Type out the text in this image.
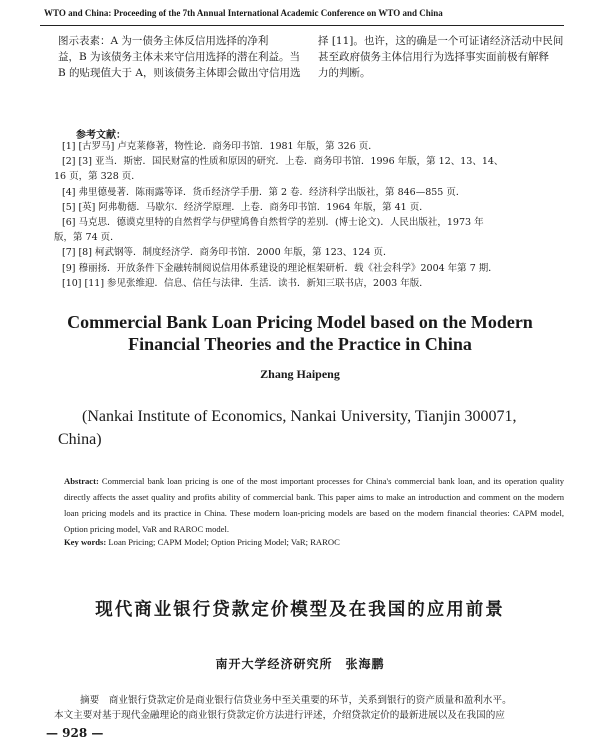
WTO and China: Proceeding of the 7th Annual International Academic Conference on WTO and China
图示表素：A 为一债务主体反信用选择的净利
益，B 为该债务主体未来守信用选择的潜在利益。当
B 的贴现值大于 A，则该债务主体即会做出守信用选
择 [11]。也许，这的确是一个可证诸经济活动中民间
甚至政府债务主体信用行为选择事实面前极有解释
力的判断。
参考文献：
[1] [古罗马] 卢克莱修著，物性论．商务印书馆．1981 年版，第 326 页．
[2] [3] 亚当．斯密．国民财富的性质和原因的研究．上卷．商务印书馆．1996 年版，第 12、13、14、
16 页，第 328 页．
[4] 弗里德曼著．陈雨露等译．货币经济学手册．第 2 卷．经济科学出版社，第 846—855 页．
[5] [英] 阿弗勒德．马歇尔．经济学原理．上卷．商务印书馆．1964 年版，第 41 页．
[6] 马克思．德谟克里特的自然哲学与伊壁鸠鲁自然哲学的差别．(博士论文)．人民出版社，1973 年
版，第 74 页．
[7] [8] 柯武钢等．制度经济学．商务印书馆．2000 年版，第 123、124 页．
[9] 穆丽扬．开放条件下金融转制阅说信用体系建设的理论框架研析．载《社会科学》2004 年第 7 期．
[10] [11] 参见张维迎．信息、信任与法律．生活．读书．新知三联书店，2003 年版．
Commercial Bank Loan Pricing Model based on the Modern
Financial Theories and the Practice in China
Zhang Haipeng
(Nankai Institute of Economics, Nankai University, Tianjin 300071,
China)
Abstract: Commercial bank loan pricing is one of the most important processes for China's commercial bank loan, and its operation quality directly affects the asset quality and profits ability of commercial bank. This paper aims to make an introduction and comment on the modern loan pricing models and its practice in China. These modern loan-pricing models are based on the modern financial theories: CAPM model, Option pricing model, VaR and RAROC model.
Key words: Loan Pricing; CAPM Model; Option Pricing Model; VaR; RAROC
现代商业银行贷款定价模型及在我国的应用前景
南开大学经济研究所　张海鹏
摘要　商业银行贷款定价是商业银行信贷业务中至关重要的环节，关系到银行的资产质量和盈利水平。
本文主要对基于现代金融理论的商业银行贷款定价方法进行评述，介绍贷款定价的最新进展以及在我国的应
— 928 —
